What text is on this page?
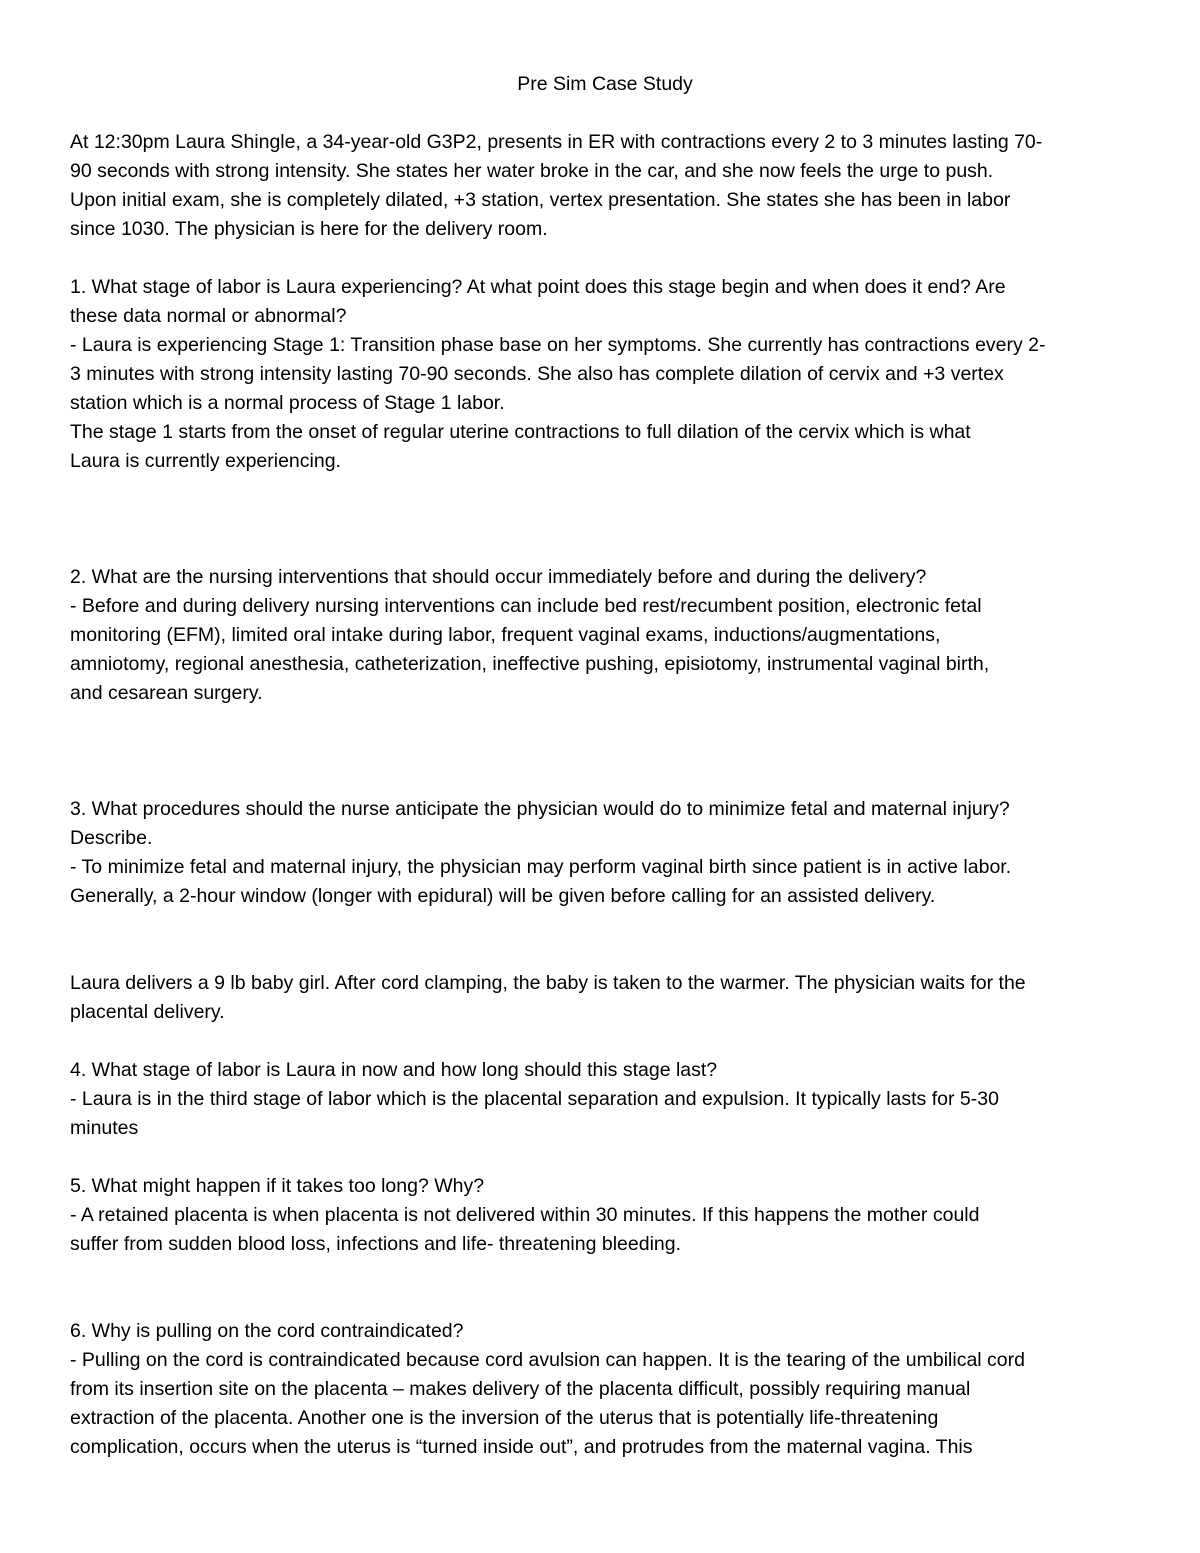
Pre Sim Case Study

At 12:30pm Laura Shingle, a 34-year-old G3P2, presents in ER with contractions every 2 to 3 minutes lasting 70-
90 seconds with strong intensity. She states her water broke in the car, and she now feels the urge to push.
Upon initial exam, she is completely dilated, +3 station, vertex presentation. She states she has been in labor
since 1030. The physician is here for the delivery room.
1. What stage of labor is Laura experiencing? At what point does this stage begin and when does it end? Are
these data normal or abnormal?
- Laura is experiencing Stage 1: Transition phase base on her symptoms. She currently has contractions every 2-
3 minutes with strong intensity lasting 70-90 seconds. She also has complete dilation of cervix and +3 vertex
station which is a normal process of Stage 1 labor.
The stage 1 starts from the onset of regular uterine contractions to full dilation of the cervix which is what
Laura is currently experiencing.
2. What are the nursing interventions that should occur immediately before and during the delivery?
- Before and during delivery nursing interventions can include bed rest/recumbent position, electronic fetal
monitoring (EFM), limited oral intake during labor, frequent vaginal exams, inductions/augmentations,
amniotomy, regional anesthesia, catheterization, ineffective pushing, episiotomy, instrumental vaginal birth,
and cesarean surgery.
3. What procedures should the nurse anticipate the physician would do to minimize fetal and maternal injury?
Describe.
- To minimize fetal and maternal injury, the physician may perform vaginal birth since patient is in active labor.
Generally, a 2-hour window (longer with epidural) will be given before calling for an assisted delivery.
Laura delivers a 9 lb baby girl. After cord clamping, the baby is taken to the warmer. The physician waits for the
placental delivery.
4. What stage of labor is Laura in now and how long should this stage last?
- Laura is in the third stage of labor which is the placental separation and expulsion. It typically lasts for 5-30
minutes
5. What might happen if it takes too long? Why?
- A retained placenta is when placenta is not delivered within 30 minutes. If this happens the mother could
suffer from sudden blood loss, infections and life- threatening bleeding.
6. Why is pulling on the cord contraindicated?
- Pulling on the cord is contraindicated because cord avulsion can happen. It is the tearing of the umbilical cord
from its insertion site on the placenta – makes delivery of the placenta difficult, possibly requiring manual
extraction of the placenta. Another one is the inversion of the uterus that is potentially life-threatening
complication, occurs when the uterus is “turned inside out”, and protrudes from the maternal vagina. This
